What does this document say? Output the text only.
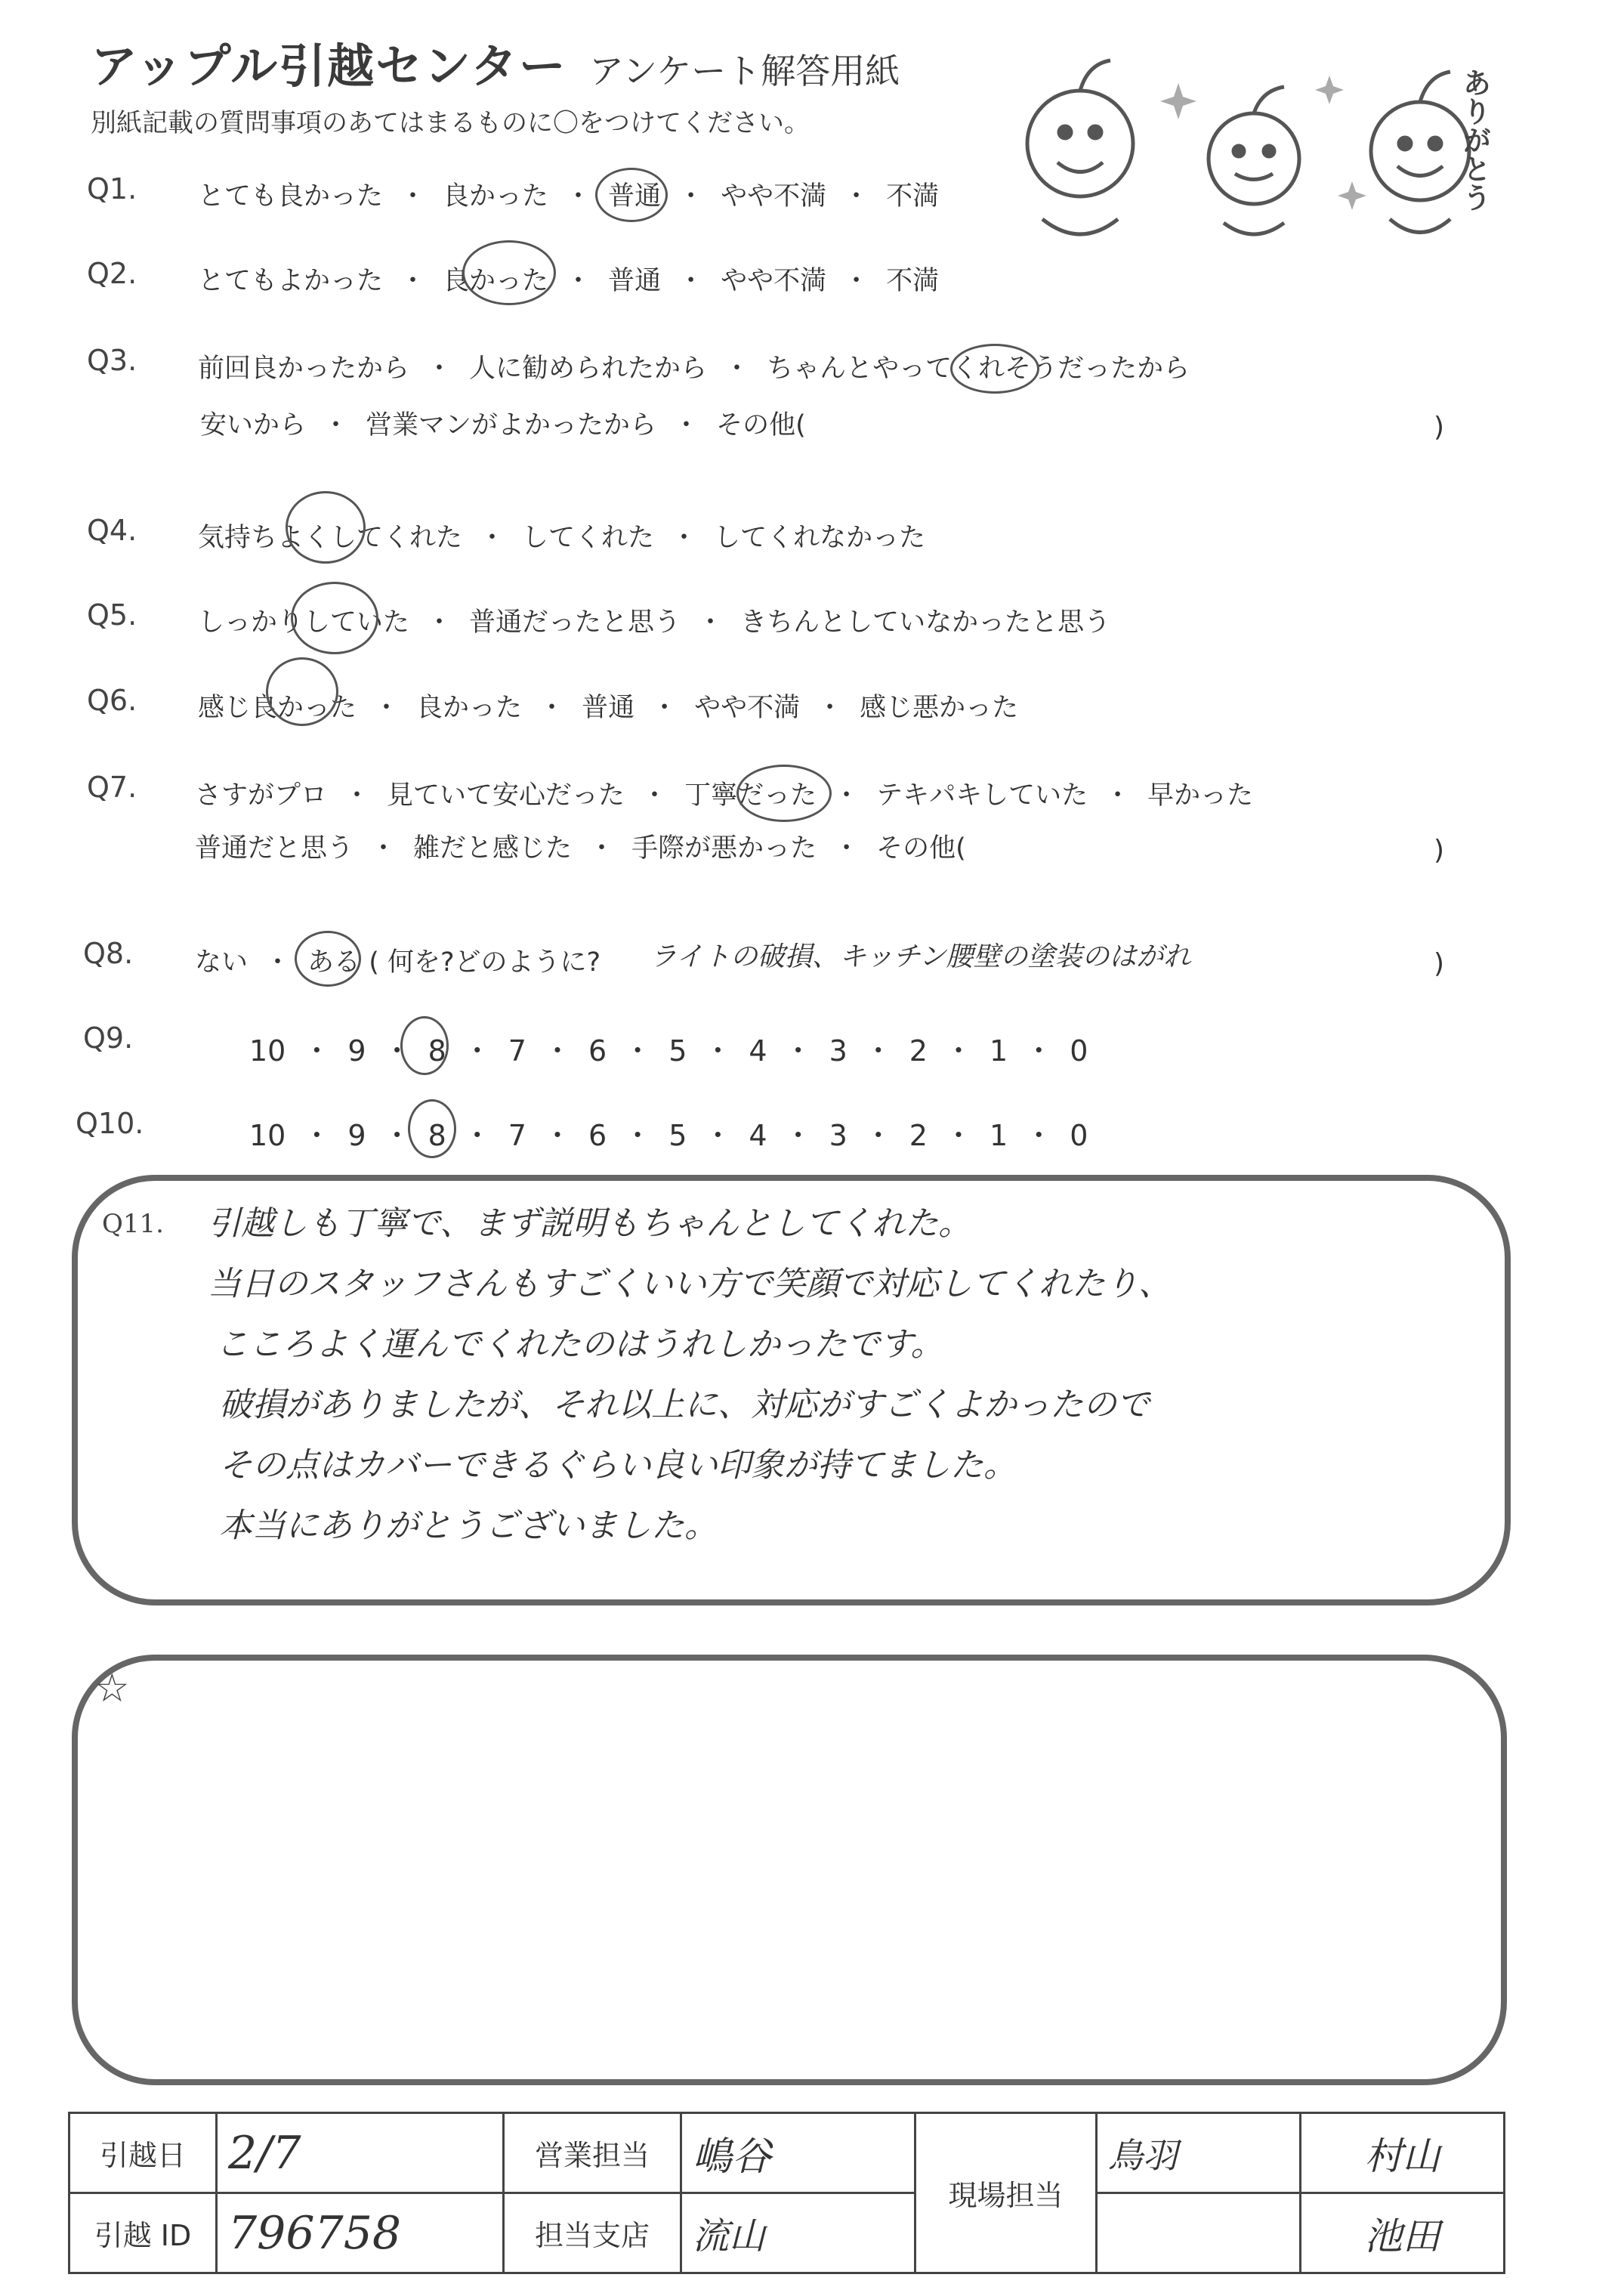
アップル引越センター アンケート解答用紙
別紙記載の質問事項のあてはまるものに〇をつけてください。	ありがとう
Q1. とても良かった ・ 良かった ・ 普通 ・ やや不満 ・ 不満
Q2. とてもよかった ・ 良かった ・ 普通 ・ やや不満 ・ 不満
Q3. 前回良かったから ・ 人に勧められたから ・ ちゃんとやってくれそうだったから
安いから ・ 営業マンがよかったから ・ その他(	)
Q4. 気持ちよくしてくれた ・ してくれた ・ してくれなかった
Q5. しっかりしていた ・ 普通だったと思う ・ きちんとしていなかったと思う
Q6. 感じ良かった ・ 良かった ・ 普通 ・ やや不満 ・ 感じ悪かった
Q7. さすがプロ ・ 見ていて安心だった ・ 丁寧だった ・ テキパキしていた ・ 早かった
普通だと思う ・ 雑だと感じた ・ 手際が悪かった ・ その他(	)
Q8. ない ・ ある ( 何を?どのように? ライトの破損、キッチン腰壁の塗装のはがれ	)
Q9.	10 ・ 9 ・ 8 ・ 7 ・ 6 ・ 5 ・ 4 ・ 3 ・ 2 ・ 1 ・ 0
Q10.	10 ・ 9 ・ 8 ・ 7 ・ 6 ・ 5 ・ 4 ・ 3 ・ 2 ・ 1 ・ 0
Q11. 引越しも丁寧で、まず説明もちゃんとしてくれた。
当日のスタッフさんもすごくいい方で笑顔で対応してくれたり、
こころよく運んでくれたのはうれしかったです。
破損がありましたが、それ以上に、対応がすごくよかったので
その点はカバーできるぐらい良い印象が持てました。
本当にありがとうございました。
☆
引越日	2/7	営業担当	嶋谷	現場担当	鳥羽	村山
引越 ID	796758	担当支店	流山			池田
